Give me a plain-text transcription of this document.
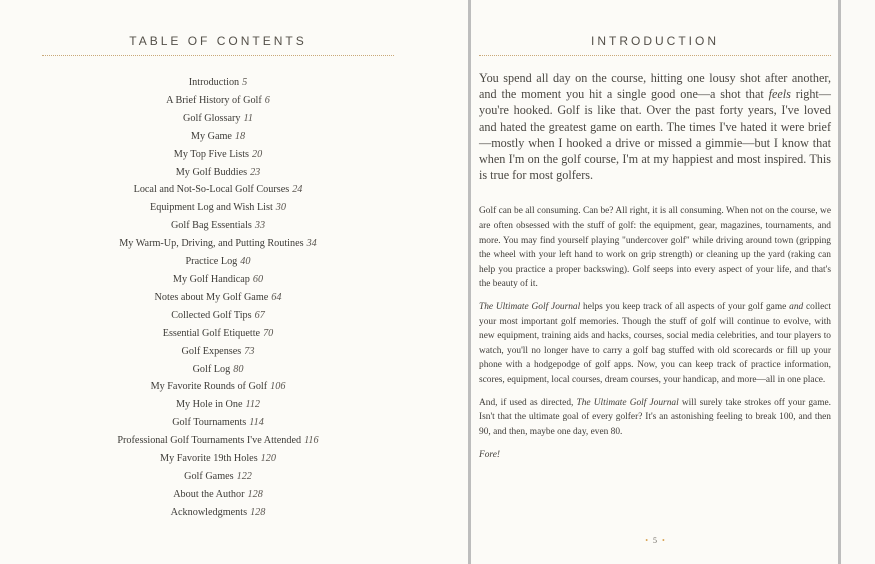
TABLE OF CONTENTS
Introduction 5
A Brief History of Golf 6
Golf Glossary 11
My Game 18
My Top Five Lists 20
My Golf Buddies 23
Local and Not-So-Local Golf Courses 24
Equipment Log and Wish List 30
Golf Bag Essentials 33
My Warm-Up, Driving, and Putting Routines 34
Practice Log 40
My Golf Handicap 60
Notes about My Golf Game 64
Collected Golf Tips 67
Essential Golf Etiquette 70
Golf Expenses 73
Golf Log 80
My Favorite Rounds of Golf 106
My Hole in One 112
Golf Tournaments 114
Professional Golf Tournaments I've Attended 116
My Favorite 19th Holes 120
Golf Games 122
About the Author 128
Acknowledgments 128
INTRODUCTION

You spend all day on the course, hitting one lousy shot after another, and the moment you hit a single good one—a shot that feels right—you're hooked. Golf is like that. Over the past forty years, I've loved and hated the greatest game on earth. The times I've hated it were brief—mostly when I hooked a drive or missed a gimmie—but I know that when I'm on the golf course, I'm at my happiest and most inspired. This is true for most golfers.

Golf can be all consuming. Can be? All right, it is all consuming. When not on the course, we are often obsessed with the stuff of golf: the equipment, gear, magazines, tournaments, and more. You may find yourself playing "undercover golf" while driving around town (gripping the wheel with your left hand to work on grip strength) or cleaning up the yard (raking can help you practice a proper backswing). Golf seeps into every aspect of your life, and that's the beauty of it.

The Ultimate Golf Journal helps you keep track of all aspects of your golf game and collect your most important golf memories. Though the stuff of golf will continue to evolve, with new equipment, training aids and hacks, courses, social media celebrities, and tour players to watch, you'll no longer have to carry a golf bag stuffed with old scorecards or fill up your phone with a hodgepodge of golf apps. Now, you can keep track of practice information, scores, equipment, local courses, dream courses, your handicap, and more—all in one place.

And, if used as directed, The Ultimate Golf Journal will surely take strokes off your game. Isn't that the ultimate goal of every golfer? It's an astonishing feeling to break 100, and then 90, and then, maybe one day, even 80.

Fore!

• 5 •
